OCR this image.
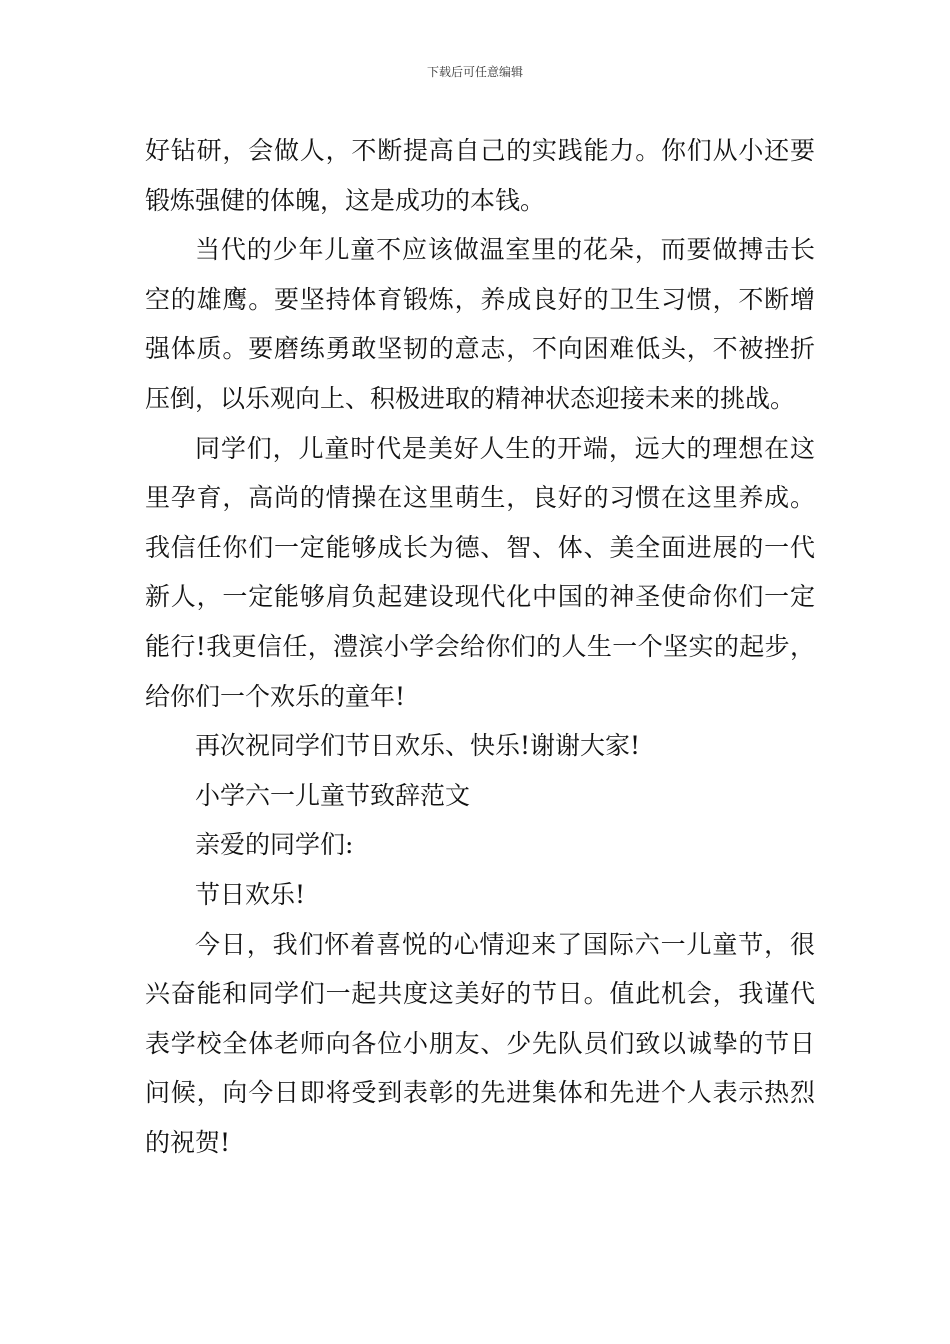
下载后可任意编辑

好钻研，会做人，不断提高自己的实践能力。你们从小还要锻炼强健的体魄，这是成功的本钱。

当代的少年儿童不应该做温室里的花朵，而要做搏击长空的雄鹰。要坚持体育锻炼，养成良好的卫生习惯，不断增强体质。要磨练勇敢坚韧的意志，不向困难低头，不被挫折压倒，以乐观向上、积极进取的精神状态迎接未来的挑战。

同学们，儿童时代是美好人生的开端，远大的理想在这里孕育，高尚的情操在这里萌生，良好的习惯在这里养成。我信任你们一定能够成长为德、智、体、美全面进展的一代新人，一定能够肩负起建设现代化中国的神圣使命你们一定能行!我更信任，澧滨小学会给你们的人生一个坚实的起步，给你们一个欢乐的童年!

再次祝同学们节日欢乐、快乐!谢谢大家!

小学六一儿童节致辞范文

亲爱的同学们:

节日欢乐!

今日，我们怀着喜悦的心情迎来了国际六一儿童节，很兴奋能和同学们一起共度这美好的节日。值此机会，我谨代表学校全体老师向各位小朋友、少先队员们致以诚挚的节日问候，向今日即将受到表彰的先进集体和先进个人表示热烈的祝贺!
